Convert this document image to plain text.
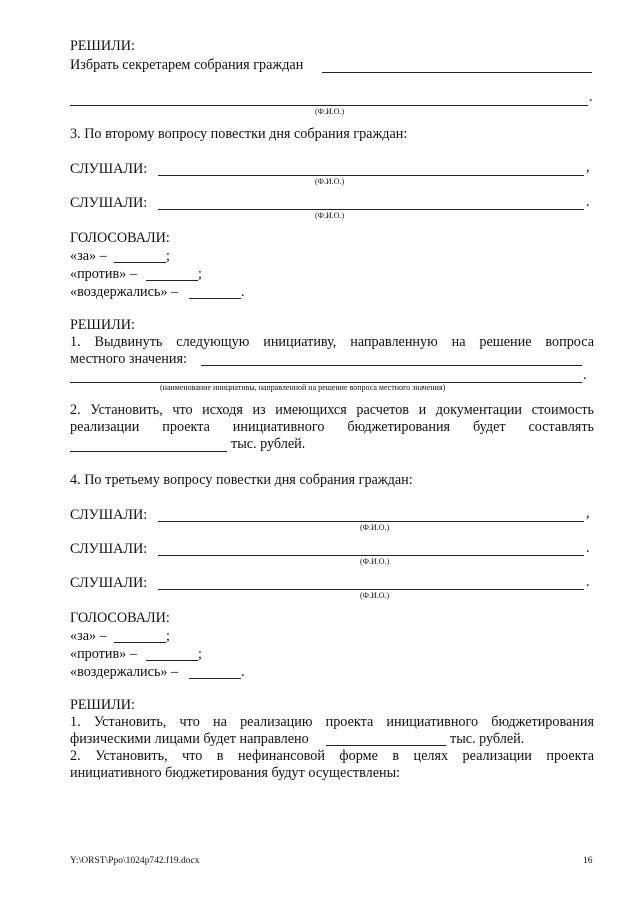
РЕШИЛИ:
Избрать секретарем собрания граждан
.
(Ф.И.О.)
3. По второму вопросу повестки дня собрания граждан:
СЛУШАЛИ:	,
(Ф.И.О.)
СЛУШАЛИ:	.
(Ф.И.О.)
ГОЛОСОВАЛИ:
«за» –	;
«против» –	;
«воздержались» –	.
РЕШИЛИ:
1. Выдвинуть следующую инициативу, направленную на решение вопроса
местного значения:
.
(наименование инициативы, направленной на решение вопроса местного значения)
2. Установить, что исходя из имеющихся расчетов и документации стоимость
реализации проекта инициативного бюджетирования будет составлять
тыс. рублей.
4. По третьему вопросу повестки дня собрания граждан:
СЛУШАЛИ:	,
(Ф.И.О.)
СЛУШАЛИ:	.
(Ф.И.О.)
СЛУШАЛИ:	.
(Ф.И.О.)
ГОЛОСОВАЛИ:
«за» –	;
«против» –	;
«воздержались» –	.
РЕШИЛИ:
1. Установить, что на реализацию проекта инициативного бюджетирования
физическими лицами будет направлено	тыс. рублей.
2. Установить, что в нефинансовой форме в целях реализации проекта
инициативного бюджетирования будут осуществлены:
Y:\ORST\Ppo\1024p742.f19.docx	16
